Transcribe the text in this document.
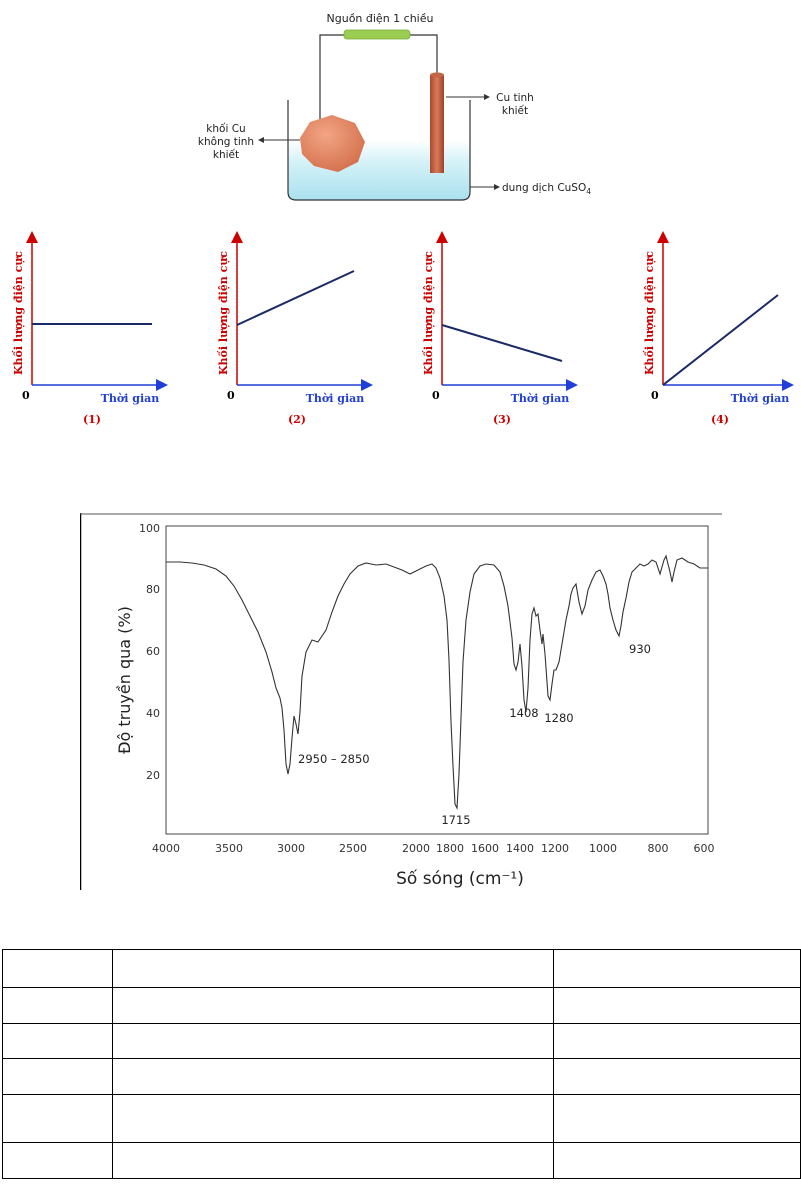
Nguồn điện 1 chiều
khối Cu
không tinh
khiết
Cu tinh
khiết
dung dịch CuSO$_4$
Khối lượng điện cực
0	Thời gian
(1)
Khối lượng điện cực
0	Thời gian
(2)
Khối lượng điện cực
0	Thời gian
(3)
Khối lượng điện cực
0	Thời gian
(4)
100
80
60
40
20
4000	3500	3000	2500	2000 1800 1600 1400 1200 1000	800 600
Số sóng (cm⁻¹)
Độ truyền qua (%)
2950 – 2850
1715
1408 1280
930
